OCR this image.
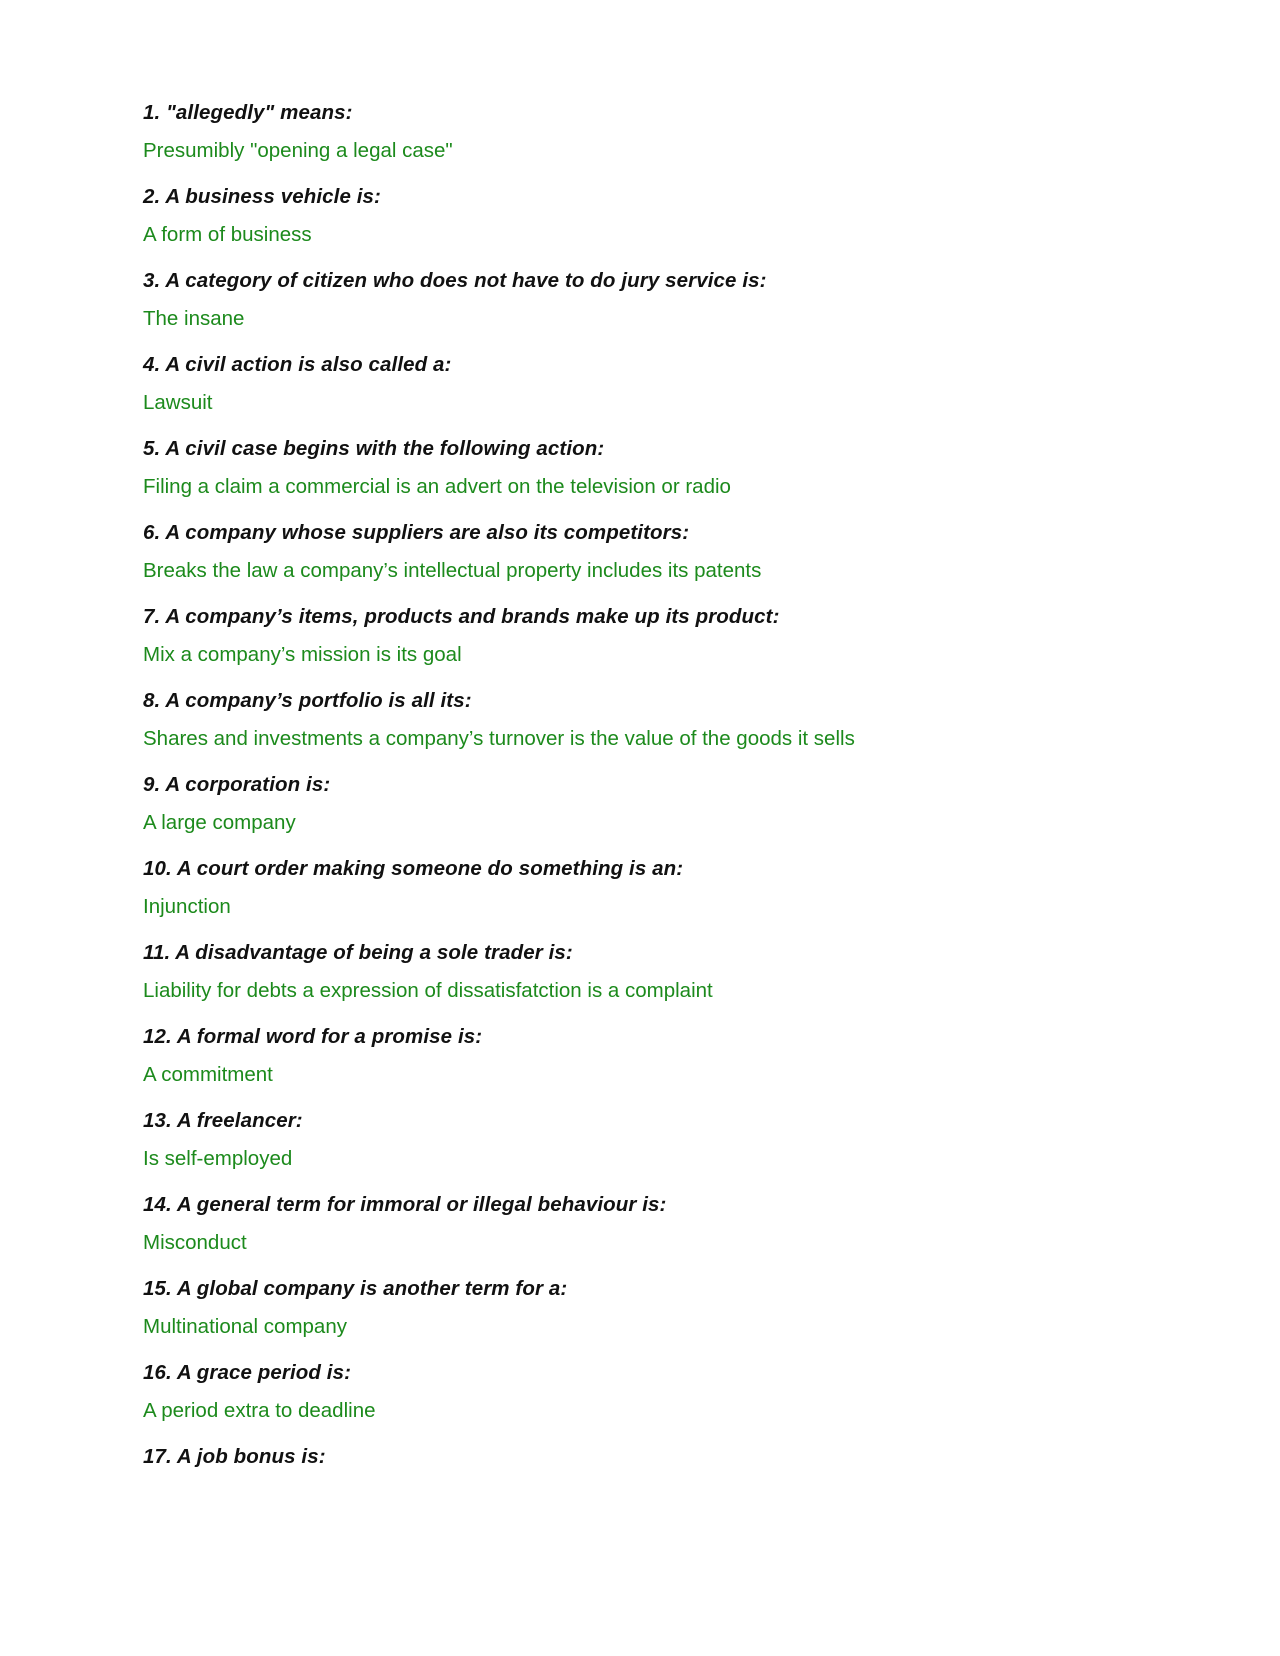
1. "allegedly" means:
Presumibly "opening a legal case"
2. A business vehicle is:
A form of business
3. A category of citizen who does not have to do jury service is:
The insane
4. A civil action is also called a:
Lawsuit
5. A civil case begins with the following action:
Filing a claim a commercial is an advert on the television or radio
6. A company whose suppliers are also its competitors:
Breaks the law a company’s intellectual property includes its patents
7. A company’s items, products and brands make up its product:
Mix a company’s mission is its goal
8. A company’s portfolio is all its:
Shares and investments a company’s turnover is the value of the goods it sells
9. A corporation is:
A large company
10. A court order making someone do something is an:
Injunction
11. A disadvantage of being a sole trader is:
Liability for debts a expression of dissatisfatction is a complaint
12. A formal word for a promise is:
A commitment
13. A freelancer:
Is self-employed
14. A general term for immoral or illegal behaviour is:
Misconduct
15. A global company is another term for a:
Multinational company
16. A grace period is:
A period extra to deadline
17. A job bonus is:
